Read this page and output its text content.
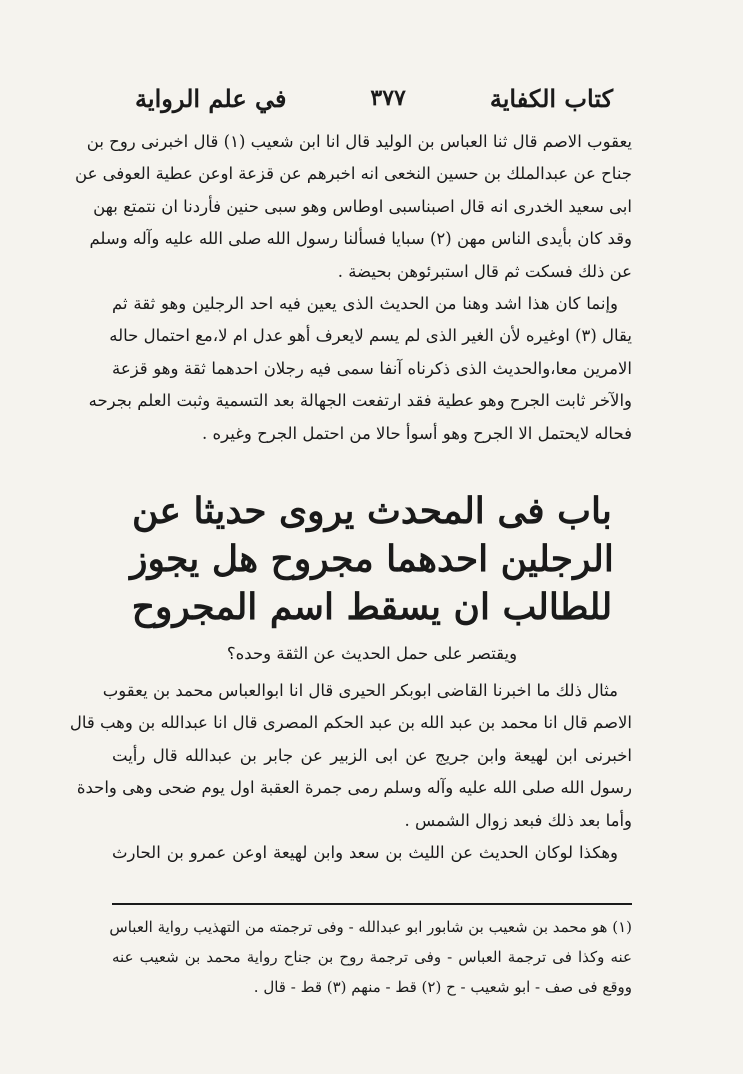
كتاب الكفاية
٣٧٧
في علم الرواية
يعقوب الاصم قال ثنا العباس بن الوليد قال انا ابن شعيب (١) قال اخبرنى روح بن
جناح عن عبدالملك بن حسين النخعى انه اخبرهم عن قزعة اوعن عطية العوفى عن
ابى سعيد الخدرى انه قال اصبناسبى اوطاس وهو سبى حنين فأردنا ان نتمتع بهن
وقد كان بأيدى الناس مهن (٢) سبايا فسألنا رسول الله صلى الله عليه وآله وسلم
عن ذلك فسكت ثم قال استبرئوهن بحيضة .
وإنما كان هذا اشد وهنا من الحديث الذى يعين فيه احد الرجلين وهو ثقة ثم
يقال (٣) اوغيره لأن الغير الذى لم يسم لايعرف أهو عدل ام لا،مع احتمال حاله
الامرين معا،والحديث الذى ذكرناه آنفا سمى فيه رجلان احدهما ثقة وهو قزعة
والآخر ثابت الجرح وهو عطية فقد ارتفعت الجهالة بعد التسمية وثبت العلم بجرحه
فحاله لايحتمل الا الجرح وهو أسوأ حالا من احتمل الجرح وغيره .
باب فى المحدث يروى حديثا عن
الرجلين احدهما مجروح هل يجوز
للطالب ان يسقط اسم المجروح
ويقتصر على حمل الحديث عن الثقة وحده؟
مثال ذلك ما اخبرنا القاضى ابوبكر الحيرى قال انا ابوالعباس محمد بن يعقوب
الاصم قال انا محمد بن عبد الله بن عبد الحكم المصرى قال انا عبدالله بن وهب قال
اخبرنى ابن لهيعة وابن جريج عن ابى الزبير عن جابر بن عبدالله قال رأيت
رسول الله صلى الله عليه وآله وسلم رمى جمرة العقبة اول يوم ضحى وهى واحدة
وأما بعد ذلك فبعد زوال الشمس .
وهكذا لوكان الحديث عن الليث بن سعد وابن لهيعة اوعن عمرو بن الحارث
(١) هو محمد بن شعيب بن شابور ابو عبدالله - وفى ترجمته من التهذيب رواية العباس
عنه وكذا فى ترجمة العباس - وفى ترجمة روح بن جناح رواية محمد بن شعيب عنه
ووقع فى صف - ابو شعيب - ح (٢) قط - منهم (٣) قط - قال .
